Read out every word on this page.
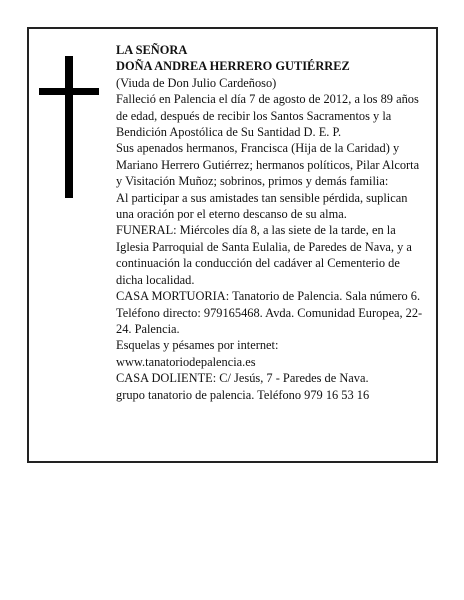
LA SEÑORA

DOÑA ANDREA HERRERO GUTIÉRREZ

(Viuda de Don Julio Cardeñoso)

Falleció en Palencia el día 7 de agosto de 2012, a los 89 años de edad, después de recibir los Santos Sacramentos y la Bendición Apostólica de Su Santidad D. E. P.

Sus apenados hermanos, Francisca (Hija de la Caridad) y Mariano Herrero Gutiérrez; hermanos políticos, Pilar Alcorta y Visitación Muñoz; sobrinos, primos y demás familia:

Al participar a sus amistades tan sensible pérdida, suplican una oración por el eterno descanso de su alma.

FUNERAL: Miércoles día 8, a las siete de la tarde, en la Iglesia Parroquial de Santa Eulalia, de Paredes de Nava, y a continuación la conducción del cadáver al Cementerio de dicha localidad.

CASA MORTUORIA: Tanatorio de Palencia. Sala número 6. Teléfono directo: 979165468. Avda. Comunidad Europea, 22-24. Palencia.

Esquelas y pésames por internet:

www.tanatoriodepalencia.es

CASA DOLIENTE: C/ Jesús, 7 - Paredes de Nava.

grupo tanatorio de palencia. Teléfono 979 16 53 16
